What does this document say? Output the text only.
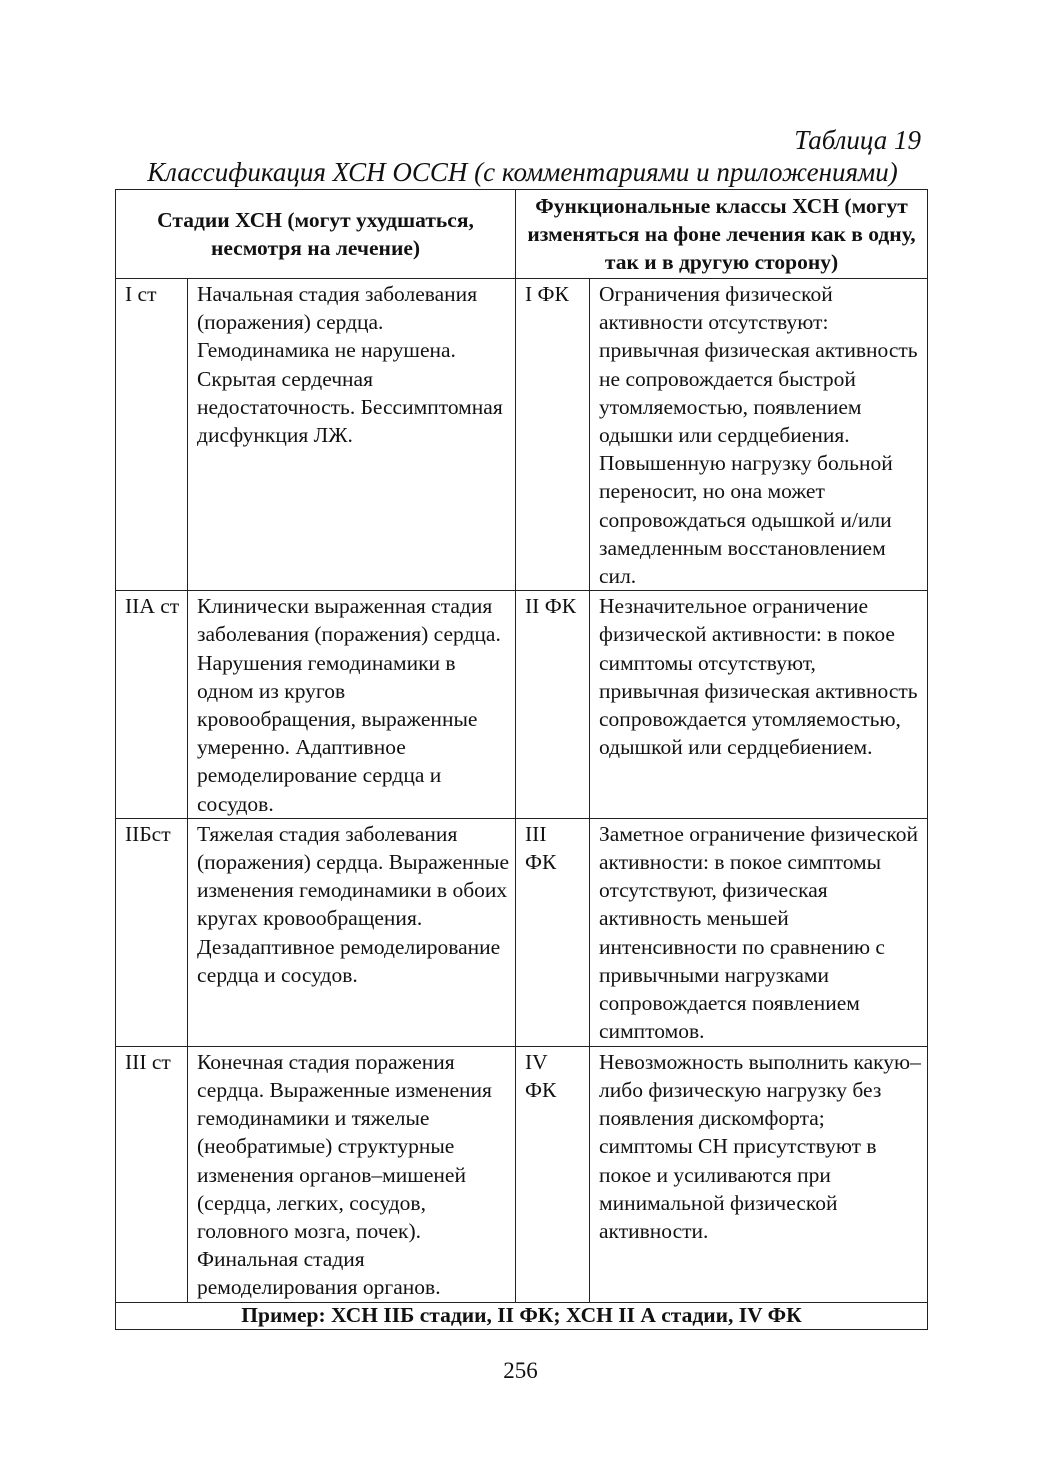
Таблица 19
Классификация ХСН ОССН (с комментариями и приложениями)
Стадии ХСН (могут ухудшаться, несмотря на лечение)		Функциональные классы ХСН (могут изменяться на фоне лечения как в одну, так и в другую сторону)	
I ст	Начальная стадия заболевания (поражения) сердца. Гемодинамика не нарушена. Скрытая сердечная недостаточность. Бессимптомная дисфункция ЛЖ.	I ФК	Ограничения физической активности отсутствуют: привычная физическая активность не сопровождается быстрой утомляемостью, появлением одышки или сердцебиения. Повышенную нагрузку больной переносит, но она может сопровождаться одышкой и/или замедленным восстановлением сил.
IIА ст	Клинически выраженная стадия заболевания (поражения) сердца. Нарушения гемодинамики в одном из кругов кровообращения, выраженные умеренно. Адаптивное ремоделирование сердца и сосудов.	II ФК	Незначительное ограничение физической активности: в покое симптомы отсутствуют, привычная физическая активность сопровождается утомляемостью, одышкой или сердцебиением.
IIБст	Тяжелая стадия заболевания (поражения) сердца. Выраженные изменения гемодинамики в обоих кругах кровообращения. Дезадаптивное ремоделирование сердца и сосудов.	III ФК	Заметное ограничение физической активности: в покое симптомы отсутствуют, физическая активность меньшей интенсивности по сравнению с привычными нагрузками сопровождается появлением симптомов.
III ст	Конечная стадия поражения сердца. Выраженные изменения гемодинамики и тяжелые (необратимые) структурные изменения органов–мишеней (сердца, легких, сосудов, головного мозга, почек). Финальная стадия ремоделирования органов.	IV ФК	Невозможность выполнить какую–либо физическую нагрузку без появления дискомфорта; симптомы СН присутствуют в покое и усиливаются при минимальной физической активности.
Пример: ХСН IIБ стадии, II ФК; ХСН II А стадии, IV ФК			
256
